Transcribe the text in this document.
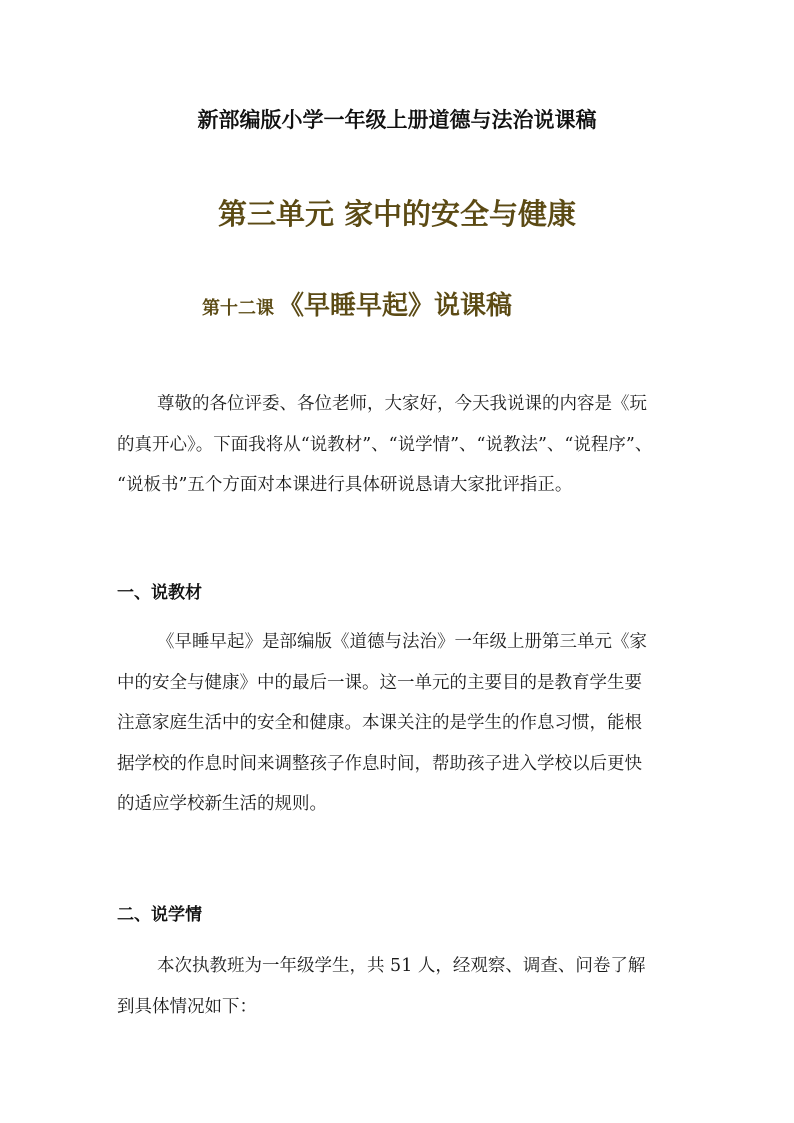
新部编版小学一年级上册道德与法治说课稿
第三单元 家中的安全与健康
第十二课 《早睡早起》说课稿
尊敬的各位评委、各位老师，大家好，今天我说课的内容是《玩
的真开心》。下面我将从“说教材”、“说学情”、“说教法”、“说程序”、
“说板书”五个方面对本课进行具体研说恳请大家批评指正。
一、说教材
《早睡早起》是部编版《道德与法治》一年级上册第三单元《家
中的安全与健康》中的最后一课。这一单元的主要目的是教育学生要
注意家庭生活中的安全和健康。本课关注的是学生的作息习惯，能根
据学校的作息时间来调整孩子作息时间，帮助孩子进入学校以后更快
的适应学校新生活的规则。
二、说学情
本次执教班为一年级学生，共 51 人，经观察、调查、问卷了解
到具体情况如下：
